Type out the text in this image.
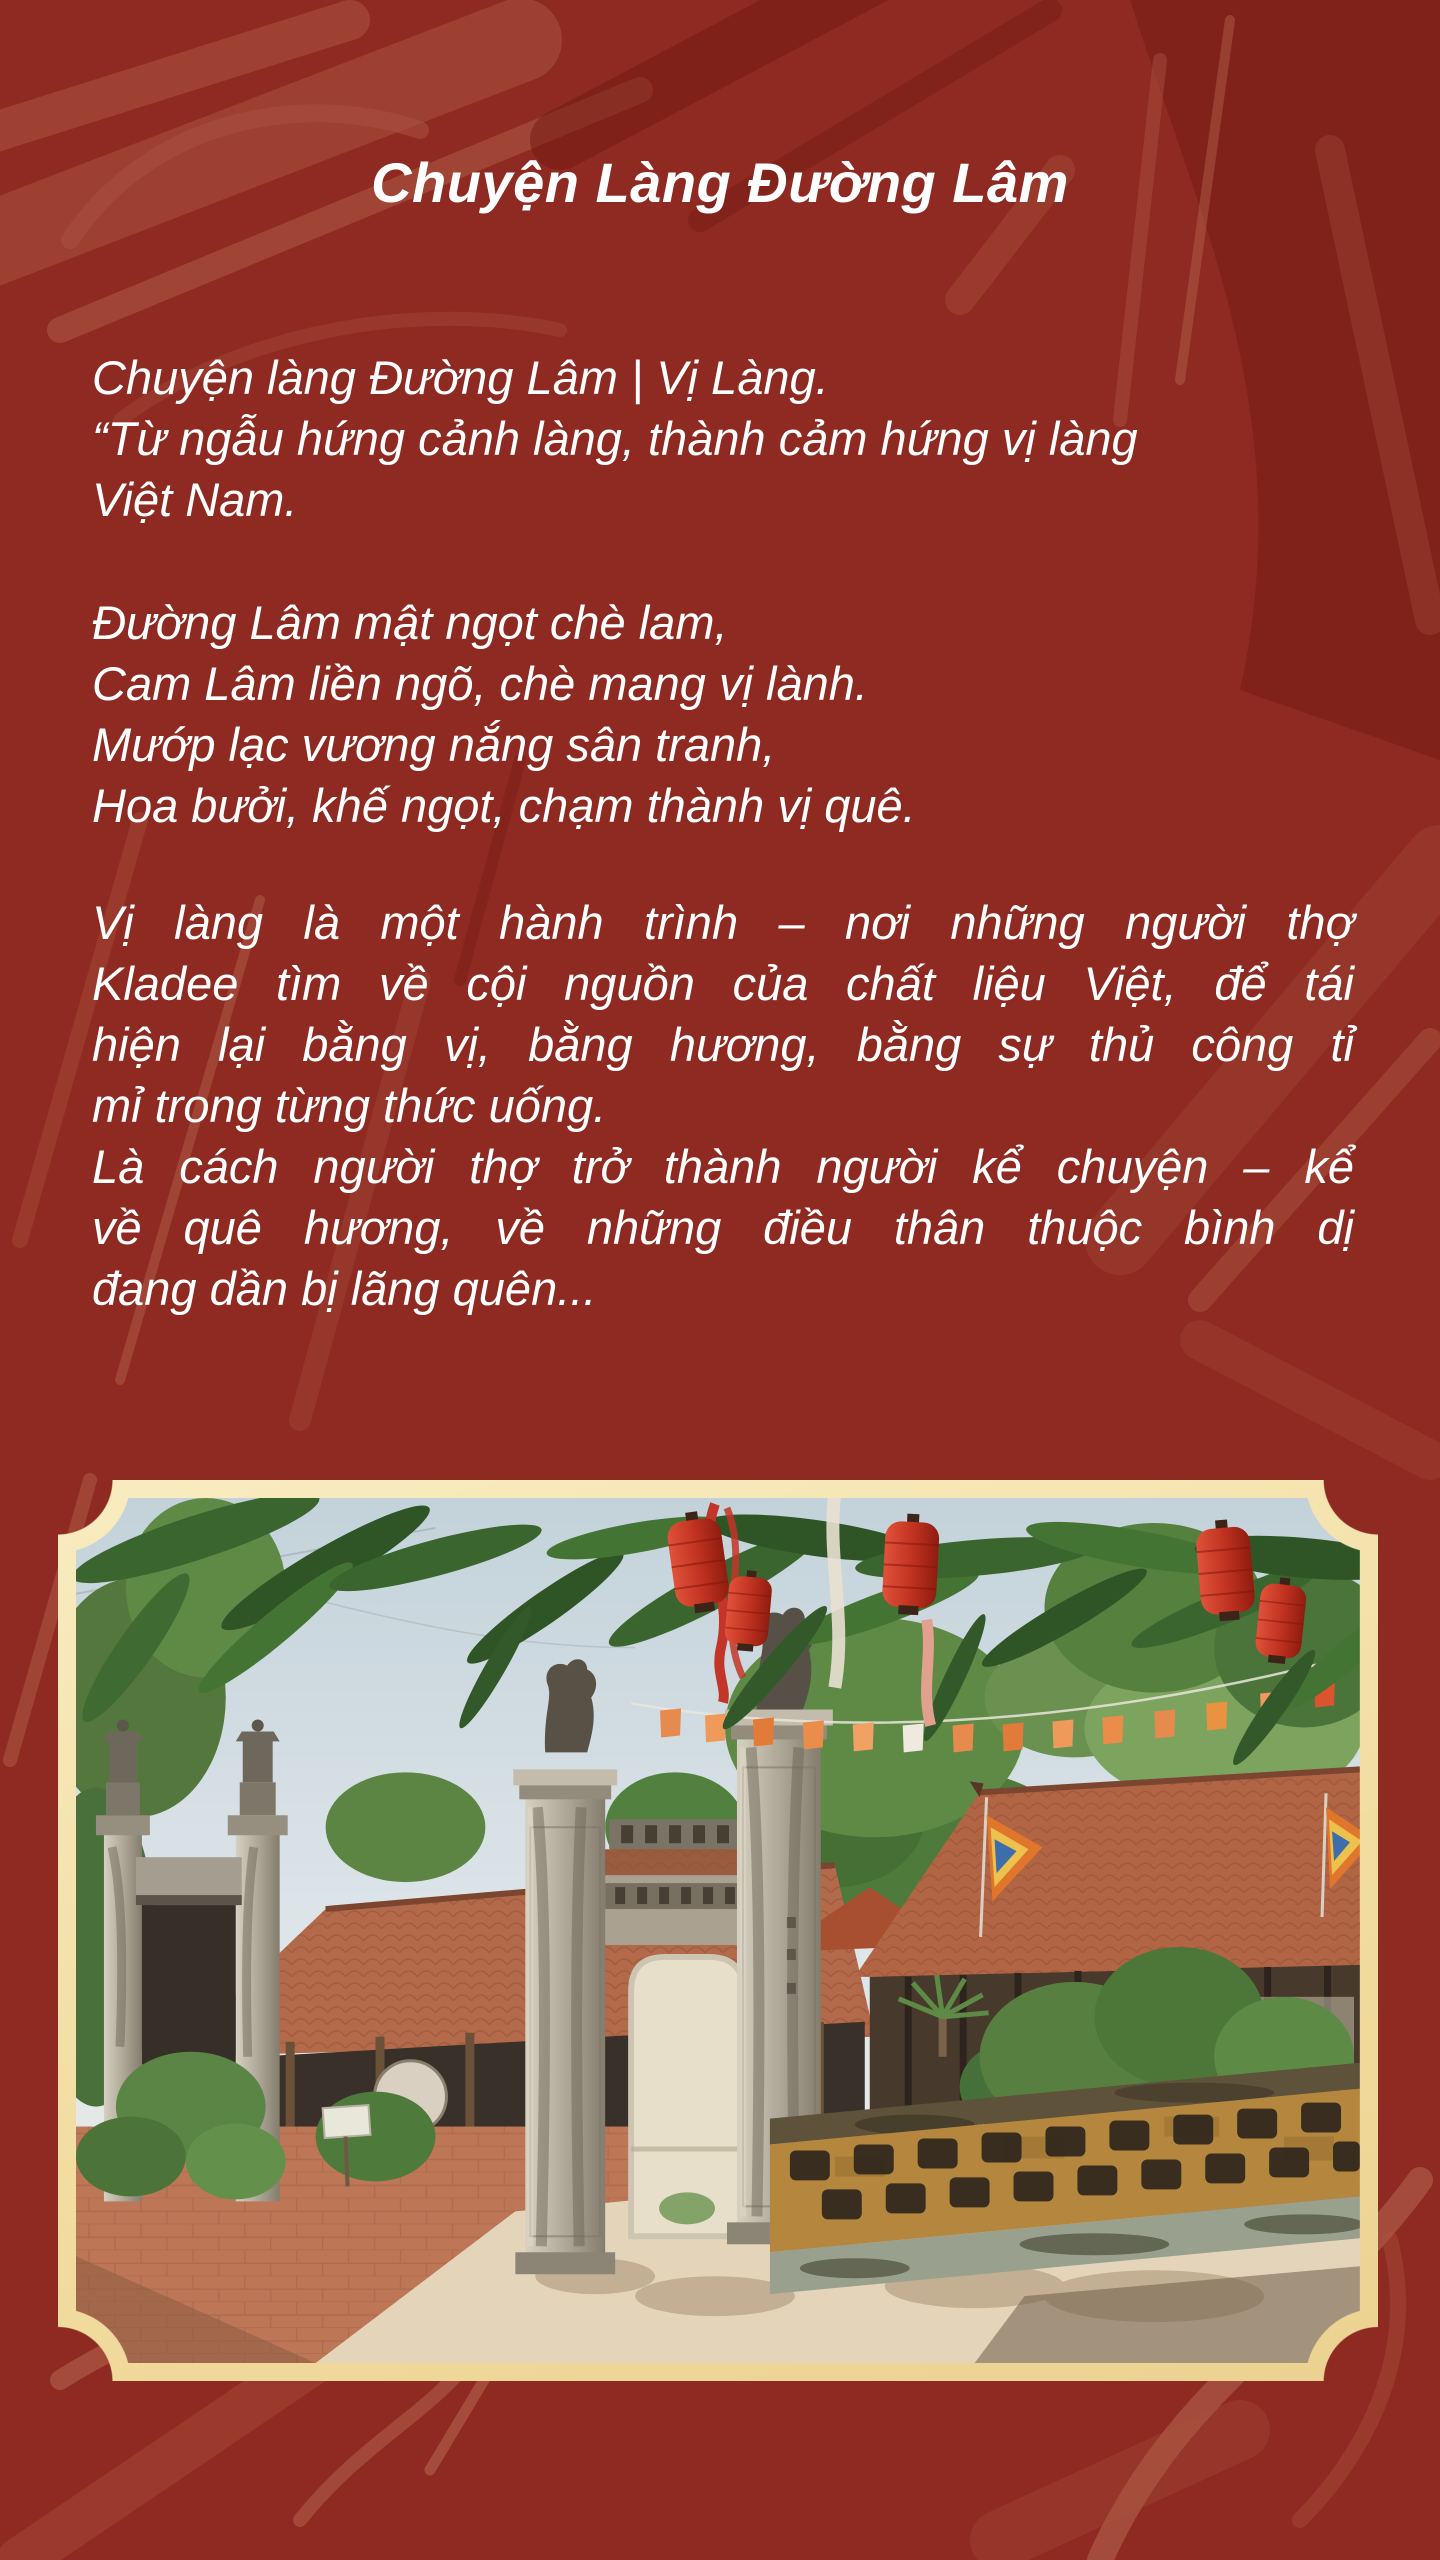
Chuyện Làng Đường Lâm
Chuyện làng Đường Lâm | Vị Làng.
“Từ ngẫu hứng cảnh làng, thành cảm hứng vị làng
Việt Nam.
Đường Lâm mật ngọt chè lam,
Cam Lâm liền ngõ, chè mang vị lành.
Mướp lạc vương nắng sân tranh,
Hoa bưởi, khế ngọt, chạm thành vị quê.
Vị làng là một hành trình – nơi những người thợ
Kladee tìm về cội nguồn của chất liệu Việt, để tái
hiện lại bằng vị, bằng hương, bằng sự thủ công tỉ
mỉ trong từng thức uống.
Là cách người thợ trở thành người kể chuyện – kể
về quê hương, về những điều thân thuộc bình dị
đang dần bị lãng quên...
